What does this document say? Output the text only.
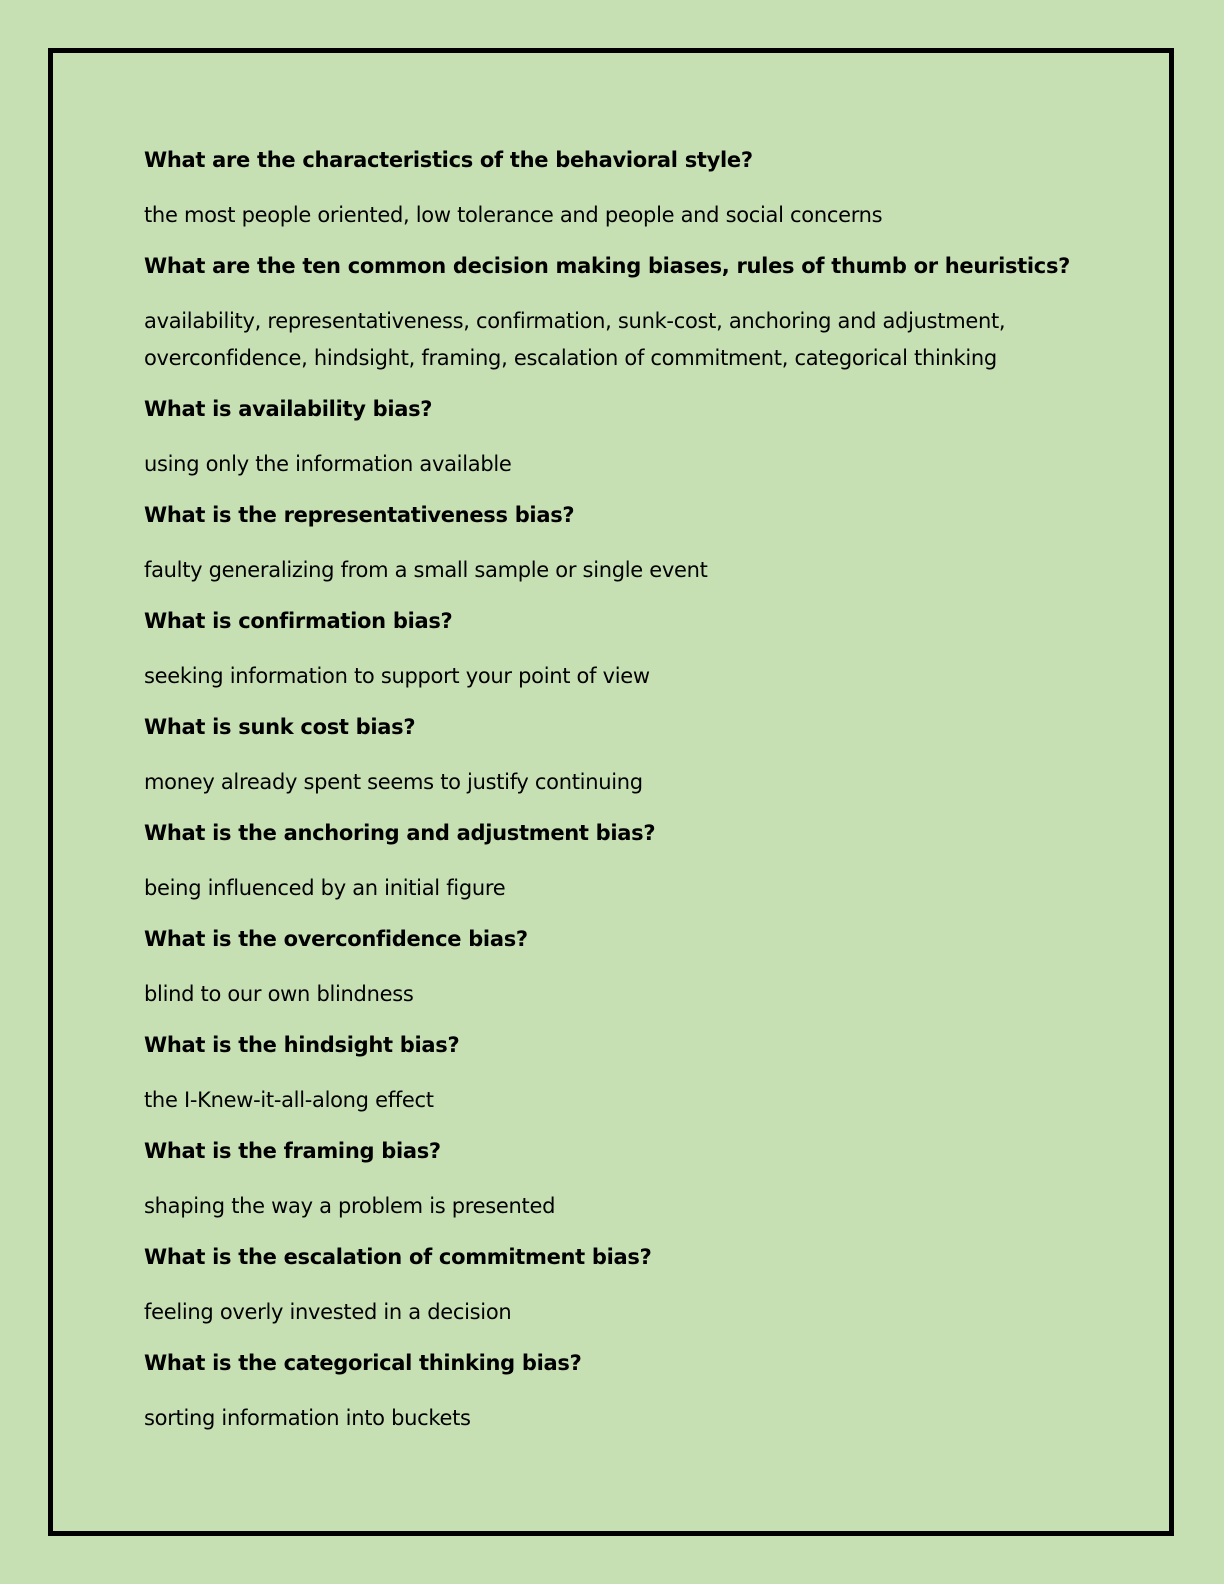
What are the characteristics of the behavioral style?

the most people oriented, low tolerance and people and social concerns

What are the ten common decision making biases, rules of thumb or heuristics?

availability, representativeness, confirmation, sunk-cost, anchoring and adjustment, overconfidence, hindsight, framing, escalation of commitment, categorical thinking

What is availability bias?

using only the information available

What is the representativeness bias?

faulty generalizing from a small sample or single event

What is confirmation bias?

seeking information to support your point of view

What is sunk cost bias?

money already spent seems to justify continuing

What is the anchoring and adjustment bias?

being influenced by an initial figure

What is the overconfidence bias?

blind to our own blindness

What is the hindsight bias?

the I-Knew-it-all-along effect

What is the framing bias?

shaping the way a problem is presented

What is the escalation of commitment bias?

feeling overly invested in a decision

What is the categorical thinking bias?

sorting information into buckets
